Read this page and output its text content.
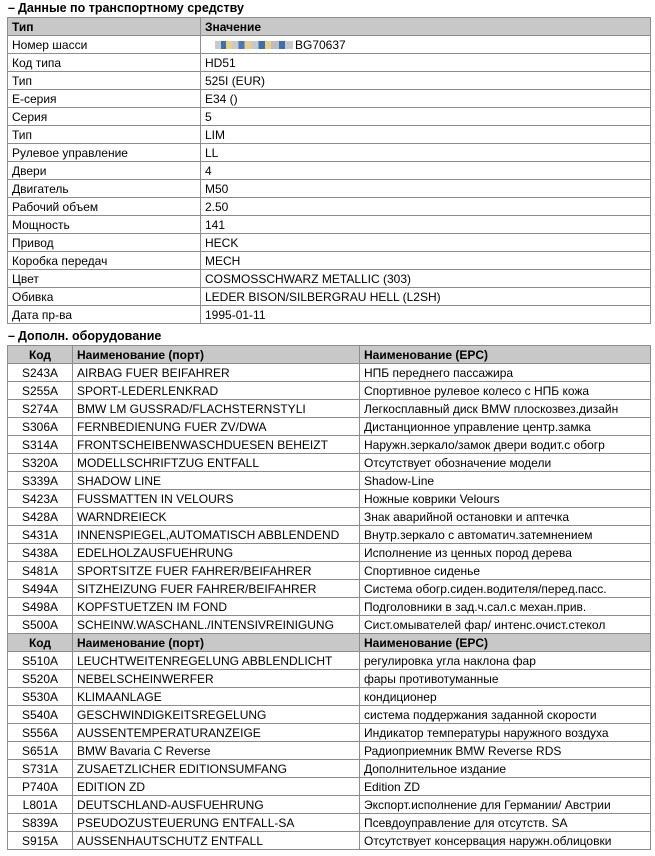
– Данные по транспортному средству
Тип	Значение
Номер шасси	BG70637
Код типа	HD51
Тип	525I (EUR)
Е-серия	E34 ()
Серия	5
Тип	LIM
Рулевое управление	LL
Двери	4
Двигатель	M50
Рабочий объем	2.50
Мощность	141
Привод	HECK
Коробка передач	MECH
Цвет	COSMOSSCHWARZ METALLIC (303)
Обивка	LEDER BISON/SILBERGRAU HELL (L2SH)
Дата пр-ва	1995-01-11
– Дополн. оборудование
Код	Наименование (порт)	Наименование (EPC)
S243A	AIRBAG FUER BEIFAHRER	НПБ переднего пассажира
S255A	SPORT-LEDERLENKRAD	Спортивное рулевое колесо с НПБ кожа
S274A	BMW LM GUSSRAD/FLACHSTERNSTYLI	Легкосплавный диск BMW плоскозвез.дизайн
S306A	FERNBEDIENUNG FUER ZV/DWA	Дистанционное управление центр.замка
S314A	FRONTSCHEIBENWASCHDUESEN BEHEIZT	Наружн.зеркало/замок двери водит.с обогр
S320A	MODELLSCHRIFTZUG ENTFALL	Отсутствует обозначение модели
S339A	SHADOW LINE	Shadow-Line
S423A	FUSSMATTEN IN VELOURS	Ножные коврики Velours
S428A	WARNDREIECK	Знак аварийной остановки и аптечка
S431A	INNENSPIEGEL,AUTOMATISCH ABBLENDEND	Внутр.зеркало с автоматич.затемнением
S438A	EDELHOLZAUSFUEHRUNG	Исполнение из ценных пород дерева
S481A	SPORTSITZE FUER FAHRER/BEIFAHRER	Спортивное сиденье
S494A	SITZHEIZUNG FUER FAHRER/BEIFAHRER	Система обогр.сиден.водителя/перед.пасс.
S498A	KOPFSTUETZEN IM FOND	Подголовники в зад.ч.сал.с механ.прив.
S500A	SCHEINW.WASCHANL./INTENSIVREINIGUNG	Сист.омывателей фар/ интенс.очист.стекол
Код	Наименование (порт)	Наименование (EPC)
S510A	LEUCHTWEITENREGELUNG ABBLENDLICHT	регулировка угла наклона фар
S520A	NEBELSCHEINWERFER	фары противотуманные
S530A	KLIMAANLAGE	кондиционер
S540A	GESCHWINDIGKEITSREGELUNG	система поддержания заданной скорости
S556A	AUSSENTEMPERATURANZEIGE	Индикатор температуры наружного воздуха
S651A	BMW Bavaria C Reverse	Радиоприемник BMW Reverse RDS
S731A	ZUSAETZLICHER EDITIONSUMFANG	Дополнительное издание
P740A	EDITION ZD	Edition ZD
L801A	DEUTSCHLAND-AUSFUEHRUNG	Экспорт.исполнение для Германии/ Австрии
S839A	PSEUDOZUSTEUERUNG ENTFALL-SA	Псевдоуправление для отсутств. SA
S915A	AUSSENHAUTSCHUTZ ENTFALL	Отсутствует консервация наружн.облицовки
